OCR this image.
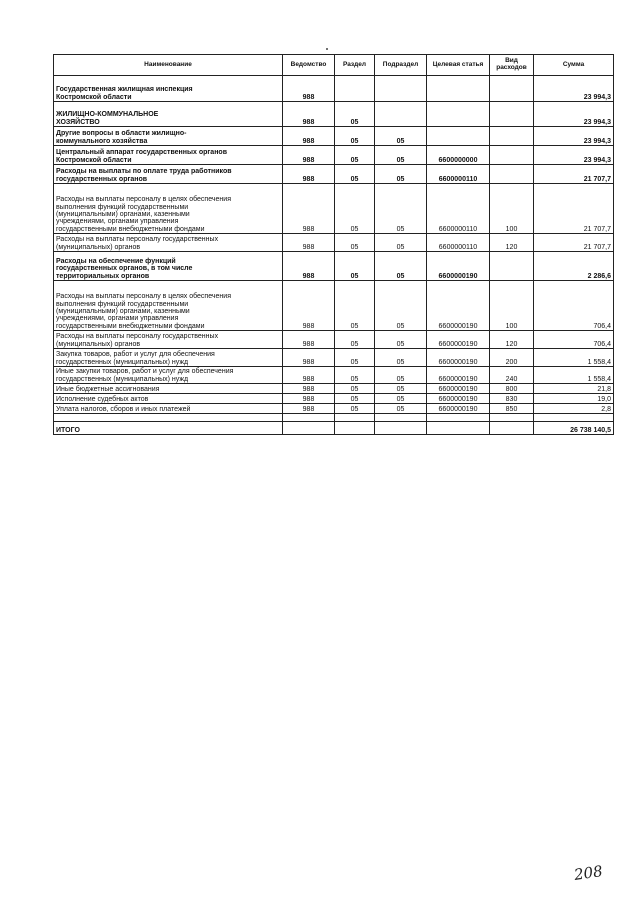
Наименование	Ведомство	Раздел	Подраздел	Целевая статья	Вид расходов	Сумма
Государственная жилищная инспекция
Костромской области	988					23 994,3
ЖИЛИЩНО-КОММУНАЛЬНОЕ
ХОЗЯЙСТВО	988	05				23 994,3
Другие вопросы в области жилищно-
коммунального хозяйства	988	05	05			23 994,3
Центральный аппарат государственных органов
Костромской области	988	05	05	6600000000		23 994,3
Расходы на выплаты по оплате труда работников
государственных органов	988	05	05	6600000110		21 707,7
Расходы на выплаты персоналу в целях обеспечения
выполнения функций государственными
(муниципальными) органами, казенными
учреждениями, органами управления
государственными внебюджетными фондами	988	05	05	6600000110	100	21 707,7
Расходы на выплаты персоналу государственных
(муниципальных) органов	988	05	05	6600000110	120	21 707,7
Расходы на обеспечение функций
государственных органов, в том числе
территориальных органов	988	05	05	6600000190		2 286,6
Расходы на выплаты персоналу в целях обеспечения
выполнения функций государственными
(муниципальными) органами, казенными
учреждениями, органами управления
государственными внебюджетными фондами	988	05	05	6600000190	100	706,4
Расходы на выплаты персоналу государственных
(муниципальных) органов	988	05	05	6600000190	120	706,4
Закупка товаров, работ и услуг для обеспечения
государственных (муниципальных) нужд	988	05	05	6600000190	200	1 558,4
Иные закупки товаров, работ и услуг для обеспечения
государственных (муниципальных) нужд	988	05	05	6600000190	240	1 558,4
Иные бюджетные ассигнования	988	05	05	6600000190	800	21,8
Исполнение судебных актов	988	05	05	6600000190	830	19,0
Уплата налогов, сборов и иных платежей	988	05	05	6600000190	850	2,8

ИТОГО						26 738 140,5
208
